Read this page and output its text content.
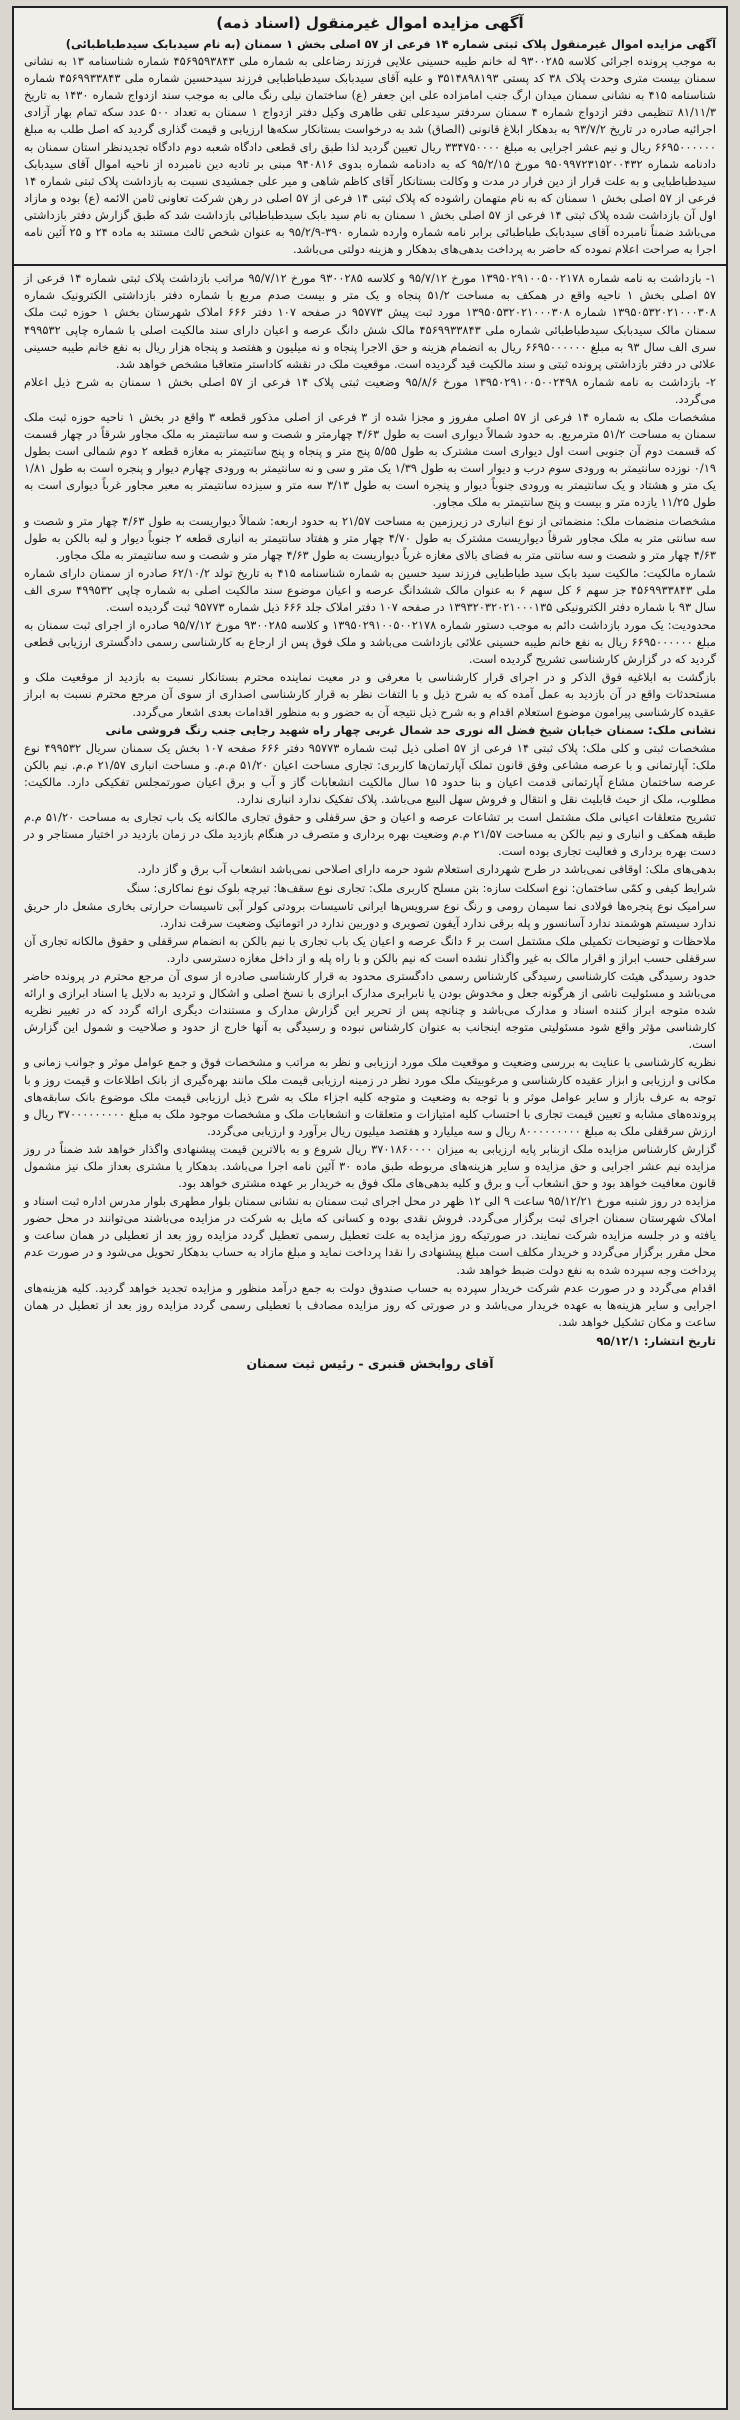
آگهی مزایده اموال غیرمنقول (اسناد ذمه)

آگهی مزایده اموال غیرمنقول پلاک ثبتی شماره ۱۴ فرعی از ۵۷ اصلی بخش ۱ سمنان (به نام سیدبابک سیدطباطبائی)

به موجب پرونده اجرائی کلاسه ۹۳۰۰۲۸۵ له خانم طیبه حسینی علایی فرزند رضاعلی به شماره ملی ۴۵۶۹۵۹۳۸۴۳ شماره شناسنامه ۱۳ به نشانی سمنان بیست متری وحدت پلاک ۳۸ کد پستی ۳۵۱۴۸۹۸۱۹۳ و علیه آقای سیدبابک سیدطباطبایی فرزند سیدحسین شماره ملی ۴۵۶۹۹۳۳۸۴۳ شماره شناسنامه ۴۱۵ به نشانی سمنان میدان ارگ جنب امامزاده علی ابن جعفر (ع) ساختمان نیلی رنگ مالی به موجب سند ازدواج شماره ۱۴۳۰ به تاریخ ۸۱/۱۱/۳ تنظیمی دفتر ازدواج شماره ۴ سمنان سردفتر سیدعلی تقی طاهری وکیل دفتر ازدواج ۱ سمنان به تعداد ۵۰۰ عدد سکه تمام بهار آزادی اجرائیه صادره در تاریخ ۹۳/۷/۲ به بدهکار ابلاغ قانونی (الصاق) شد به درخواست بستانکار سکه‌ها ارزیابی و قیمت گذاری گردید که اصل طلب به مبلغ ۶۶۹۵۰۰۰۰۰۰ ریال و نیم عشر اجرایی به مبلغ ۳۳۴۷۵۰۰۰۰ ریال تعیین گردید لذا طبق رای قطعی دادگاه شعبه دوم دادگاه تجدیدنظر استان سمنان به دادنامه شماره ۹۵۰۹۹۷۲۳۱۵۲۰۰۴۳۲ مورخ ۹۵/۲/۱۵ که به دادنامه شماره بدوی ۹۴۰۸۱۶ مبنی بر تادیه دین نامبرده از ناحیه اموال آقای سیدبابک سیدطباطبایی و به علت قرار از دین فرار در مدت و وکالت بستانکار آقای کاظم شاهی و میر علی جمشیدی نسبت به بازداشت پلاک ثبتی شماره ۱۴ فرعی از ۵۷ اصلی بخش ۱ سمنان که به نام متهمان راشوده که پلاک ثبتی ۱۴ فرعی از ۵۷ اصلی در رهن شرکت تعاونی ثامن الائمه (ع) بوده و مازاد اول آن بازداشت شده پلاک ثبتی ۱۴ فرعی از ۵۷ اصلی بخش ۱ سمنان به نام سید بابک سیدطباطبائی بازداشت شد که طبق گزارش دفتر بازداشتی می‌باشد ضمناً نامبرده آقای سیدبابک طباطبائی برابر نامه شماره وارده شماره ۳۹۰-۹۵/۲/۹ به عنوان شخص ثالث مستند به ماده ۲۴ و ۲۵ آئین نامه اجرا به صراحت اعلام نموده که حاضر به پرداخت بدهی‌های بدهکار و هزینه دولتی می‌باشد.

۱- بازداشت به نامه شماره ۱۳۹۵۰۲۹۱۰۰۵۰۰۲۱۷۸ مورخ ۹۵/۷/۱۲ و کلاسه ۹۳۰۰۲۸۵ مورخ ۹۵/۷/۱۲ مراتب بازداشت پلاک ثبتی شماره ۱۴ فرعی از ۵۷ اصلی بخش ۱ ناحیه واقع در همکف به مساحت ۵۱/۲ پنجاه و یک متر و بیست صدم مربع با شماره دفتر بازداشتی الکترونیک شماره ۱۳۹۵۰۵۳۲۰۲۱۰۰۰۳۰۸ شماره ۱۳۹۵۰۵۳۲۰۲۱۰۰۰۳۰۸ مورد ثبت پیش ۹۵۷۷۳ در صفحه ۱۰۷ دفتر ۶۶۶ املاک شهرستان بخش ۱ حوزه ثبت ملک سمنان مالک سیدبابک سیدطباطبائی شماره ملی ۴۵۶۹۹۳۳۸۴۳ مالک شش دانگ عرصه و اعیان دارای سند مالکیت اصلی با شماره چاپی ۴۹۹۵۳۲ سری الف سال ۹۳ به مبلغ ۶۶۹۵۰۰۰۰۰۰ ریال به انضمام هزینه و حق الاجرا پنجاه و نه میلیون و هفتصد و پنجاه هزار ریال به نفع خانم طیبه حسینی علائی در دفتر بازداشتی پرونده ثبتی و سند مالکیت قید گردیده است. موقعیت ملک در نقشه کاداستر متعاقبا مشخص خواهد شد.

۲- بازداشت به نامه شماره ۱۳۹۵۰۲۹۱۰۰۵۰۰۲۴۹۸ مورخ ۹۵/۸/۶ وضعیت ثبتی پلاک ۱۴ فرعی از ۵۷ اصلی بخش ۱ سمنان به شرح ذیل اعلام می‌گردد.

مشخصات ملک به شماره ۱۴ فرعی از ۵۷ اصلی مفروز و مجزا شده از ۳ فرعی از اصلی مذکور قطعه ۳ واقع در بخش ۱ ناحیه حوزه ثبت ملک سمنان به مساحت ۵۱/۲ مترمربع. به حدود شمالاً دیواری است به طول ۴/۶۳ چهارمتر و شصت و سه سانتیمتر به ملک مجاور شرقاً در چهار قسمت که قسمت دوم آن جنوبی است اول دیواری است مشترک به طول ۵/۵۵ پنج متر و پنجاه و پنج سانتیمتر به مغازه قطعه ۲ دوم شمالی است بطول ۰/۱۹ نوزده سانتیمتر به ورودی سوم درب و دیوار است به طول ۱/۳۹ یک متر و سی و نه سانتیمتر به ورودی چهارم دیوار و پنجره است به طول ۱/۸۱ یک متر و هشتاد و یک سانتیمتر به ورودی جنوباً دیوار و پنجره است به طول ۳/۱۳ سه متر و سیزده سانتیمتر به معبر مجاور غرباً دیواری است به طول ۱۱/۲۵ یازده متر و بیست و پنج سانتیمتر به ملک مجاور.

مشخصات منضمات ملک: منضماتی از نوع انباری در زیرزمین به مساحت ۲۱/۵۷ به حدود اربعه: شمالاً دیواریست به طول ۴/۶۳ چهار متر و شصت و سه سانتی متر به ملک مجاور شرقاً دیواریست مشترک به طول ۴/۷۰ چهار متر و هفتاد سانتیمتر به انباری قطعه ۲ جنوباً دیوار و لبه بالکن به طول ۴/۶۳ چهار متر و شصت و سه سانتی متر به فضای بالای مغازه غرباً دیواریست به طول ۴/۶۳ چهار متر و شصت و سه سانتیمتر به ملک مجاور.

شماره مالکیت: مالکیت سید بابک سید طباطبایی فرزند سید حسین به شماره شناسنامه ۴۱۵ به تاریخ تولد ۶۲/۱۰/۲ صادره از سمنان دارای شماره ملی ۴۵۶۹۹۳۳۸۴۳ جز سهم ۶ کل سهم ۶ به عنوان مالک ششدانگ عرصه و اعیان موضوع سند مالکیت اصلی به شماره چاپی ۴۹۹۵۳۲ سری الف سال ۹۳ با شماره دفتر الکترونیکی ۱۳۹۳۲۰۳۲۰۲۱۰۰۰۱۳۵ در صفحه ۱۰۷ دفتر املاک جلد ۶۶۶ ذیل شماره ۹۵۷۷۳ ثبت گردیده است.

محدودیت: یک مورد بازداشت دائم به موجب دستور شماره ۱۳۹۵۰۲۹۱۰۰۵۰۰۲۱۷۸ و کلاسه ۹۳۰۰۲۸۵ مورخ ۹۵/۷/۱۲ صادره از اجرای ثبت سمنان به مبلغ ۶۶۹۵۰۰۰۰۰۰ ریال به نفع خانم طیبه حسینی علائی بازداشت می‌باشد و ملک فوق پس از ارجاع به کارشناسی رسمی دادگستری ارزیابی قطعی گردید که در گزارش کارشناسی تشریح گردیده است.

بازگشت به ابلاغیه فوق الذکر و در اجرای قرار کارشناسی با معرفی و در معیت نماینده محترم بستانکار نسبت به بازدید از موقعیت ملک و مستحدثات واقع در آن بازدید به عمل آمده که به شرح ذیل و با التفات نظر به قرار کارشناسی اصداری از سوی آن مرجع محترم نسبت به ابراز عقیده کارشناسی پیرامون موضوع استعلام اقدام و به شرح ذیل نتیجه آن به حضور و به منظور اقدامات بعدی اشعار می‌گردد.

نشانی ملک: سمنان خیابان شیخ فضل اله نوری حد شمال غربی چهار راه شهید رجایی جنب رنگ فروشی مانی

مشخصات ثبتی و کلی ملک: پلاک ثبتی ۱۴ فرعی از ۵۷ اصلی ذیل ثبت شماره ۹۵۷۷۳ دفتر ۶۶۶ صفحه ۱۰۷ بخش یک سمنان سریال ۴۹۹۵۳۲ نوع ملک: آپارتمانی و با عرصه مشاعی وفق قانون تملک آپارتمان‌ها کاربری: تجاری مساحت اعیان ۵۱/۲۰ م.م. و مساحت انباری ۲۱/۵۷ م.م. نیم بالکن عرصه ساختمان مشاع آپارتمانی قدمت اعیان و بنا حدود ۱۵ سال مالکیت انشعابات گاز و آب و برق اعیان صورتمجلس تفکیکی دارد. مالکیت: مطلوب، ملک از حیث قابلیت نقل و انتقال و فروش سهل البیع می‌باشد. پلاک تفکیک ندارد انباری ندارد.

تشریح متعلقات اعیانی ملک مشتمل است بر تشاعات عرصه و اعیان و حق سرقفلی و حقوق تجاری مالکانه یک باب تجاری به مساحت ۵۱/۲۰ م.م طبقه همکف و انباری و نیم بالکن به مساحت ۲۱/۵۷ م.م وضعیت بهره برداری و متصرف در هنگام بازدید ملک در زمان بازدید در اختیار مستاجر و در دست بهره برداری و فعالیت تجاری بوده است.

بدهی‌های ملک: اوقافی نمی‌باشد در طرح شهرداری استعلام شود حرمه دارای اصلاحی نمی‌باشد انشعاب آب برق و گاز دارد.

شرایط کیفی و کمّی ساختمان: نوع اسکلت سازه: بتن مسلح کاربری ملک: تجاری نوع سقف‌ها: تیرچه بلوک نوع نماکاری: سنگ

سرامیک نوع پنجره‌ها فولادی نما سیمان رومی و رنگ نوع سرویس‌ها ایرانی تاسیسات برودتی کولر آبی تاسیسات حرارتی بخاری مشعل دار حریق ندارد سیستم هوشمند ندارد آسانسور و پله برقی ندارد آیفون تصویری و دوربین ندارد در اتوماتیک وضعیت سرقت ندارد.

ملاحظات و توضیحات تکمیلی ملک مشتمل است بر ۶ دانگ عرصه و اعیان یک باب تجاری با نیم بالکن به انضمام سرقفلی و حقوق مالکانه تجاری آن سرقفلی حسب ابراز و اقرار مالک به غیر واگذار نشده است که نیم بالکن و با راه پله و از داخل مغازه دسترسی دارد.

حدود رسیدگی هیئت کارشناسی رسیدگی کارشناس رسمی دادگستری محدود به قرار کارشناسی صادره از سوی آن مرجع محترم در پرونده حاضر می‌باشد و مسئولیت ناشی از هرگونه جعل و مخدوش بودن یا نابرابری مدارک ابرازی با نسخ اصلی و اشکال و تردید به دلایل یا اسناد ابرازی و ارائه شده متوجه ابراز کننده اسناد و مدارک می‌باشد و چنانچه پس از تحریر این گزارش مدارک و مستندات دیگری ارائه گردد که در تغییر نظریه کارشناسی مؤثر واقع شود مسئولیتی متوجه اینجانب به عنوان کارشناس نبوده و رسیدگی به آنها خارج از حدود و صلاحیت و شمول این گزارش است.

نظریه کارشناسی با عنایت به بررسی وضعیت و موقعیت ملک مورد ارزیابی و نظر به مراتب و مشخصات فوق و جمع عوامل موثر و جوانب زمانی و مکانی و ارزیابی و ابزار عقیده کارشناسی و مرغوبیتک ملک مورد نظر در زمینه ارزیابی قیمت ملک مانند بهره‌گیری از بانک اطلاعات و قیمت روز و با توجه به عرف بازار و سایر عوامل موثر و با توجه به وضعیت و متوجه کلیه اجزاء ملک به شرح ذیل ارزیابی قیمت ملک موضوع بانک سابقه‌های پرونده‌های مشابه و تعیین قیمت تجاری با احتساب کلیه امتیازات و متعلقات و انشعابات ملک و مشخصات موجود ملک به مبلغ ۳۷۰۰۰۰۰۰۰۰۰ ریال و ارزش سرقفلی ملک به مبلغ ۸۰۰۰۰۰۰۰۰۰ ریال و سه میلیارد و هفتصد میلیون ریال برآورد و ارزیابی می‌گردد.

گزارش کارشناس مزایده ملک ازبنابر پایه ارزیابی به میزان ۳۷۰۱۸۶۰۰۰۰ ریال شروع و به بالاترین قیمت پیشنهادی واگذار خواهد شد ضمناً در روز مزایده نیم عشر اجرایی و حق مزایده و سایر هزینه‌های مربوطه طبق ماده ۳۰ آئین نامه اجرا می‌باشد. بدهکار یا مشتری بعداز ملک نیز مشمول قانون معافیت خواهد بود و حق انشعاب آب و برق و کلیه بدهی‌های ملک فوق به خریدار بر عهده مشتری خواهد بود.

مزایده در روز شنبه مورخ ۹۵/۱۲/۲۱ ساعت ۹ الی ۱۲ ظهر در محل اجرای ثبت سمنان به نشانی سمنان بلوار مطهری بلوار مدرس اداره ثبت اسناد و املاک شهرستان سمنان اجرای ثبت برگزار می‌گردد. فروش نقدی بوده و کسانی که مایل به شرکت در مزایده می‌باشند می‌توانند در محل حضور یافته و در جلسه مزایده شرکت نمایند. در صورتیکه روز مزایده به علت تعطیل رسمی تعطیل گردد مزایده روز بعد از تعطیلی در همان ساعت و محل مقرر برگزار می‌گردد و خریدار مکلف است مبلغ پیشنهادی را نقدا پرداخت نماید و مبلغ مازاد به حساب بدهکار تحویل می‌شود و در صورت عدم پرداخت وجه سپرده شده به نفع دولت ضبط خواهد شد.

اقدام می‌گردد و در صورت عدم شرکت خریدار سپرده به حساب صندوق دولت به جمع درآمد منظور و مزایده تجدید خواهد گردید. کلیه هزینه‌های اجرایی و سایر هزینه‌ها به عهده خریدار می‌باشد و در صورتی که روز مزایده مصادف با تعطیلی رسمی گردد مزایده روز بعد از تعطیل در همان ساعت و مکان تشکیل خواهد شد.

تاریخ انتشار: ۹۵/۱۲/۱
آقای روابخش قنبری - رئیس ثبت سمنان
